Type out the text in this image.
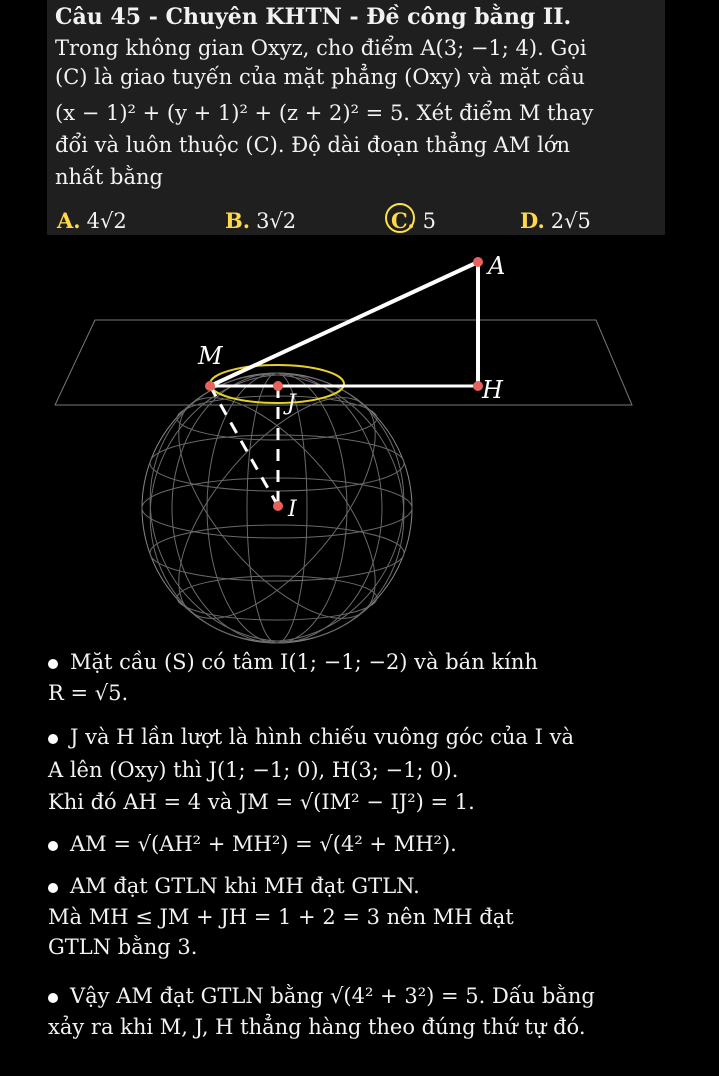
Câu 45 - Chuyên KHTN - Đề công bằng II.
Trong không gian Oxyz, cho điểm A(3; −1; 4). Gọi
(C) là giao tuyến của mặt phẳng (Oxy) và mặt cầu
(x − 1)² + (y + 1)² + (z + 2)² = 5. Xét điểm M thay
đổi và luôn thuộc (C). Độ dài đoạn thẳng AM lớn
nhất bằng
A. 4√2	B. 3√2	C. 5	D. 2√5
A
M
H
J
I
Mặt cầu (S) có tâm I(1; −1; −2) và bán kính
R = √5.
J và H lần lượt là hình chiếu vuông góc của I và
A lên (Oxy) thì J(1; −1; 0), H(3; −1; 0).
Khi đó AH = 4 và JM = √(IM² − IJ²) = 1.
AM = √(AH² + MH²) = √(4² + MH²).
AM đạt GTLN khi MH đạt GTLN.
Mà MH ≤ JM + JH = 1 + 2 = 3 nên MH đạt
GTLN bằng 3.
Vậy AM đạt GTLN bằng √(4² + 3²) = 5. Dấu bằng
xảy ra khi M, J, H thẳng hàng theo đúng thứ tự đó.
